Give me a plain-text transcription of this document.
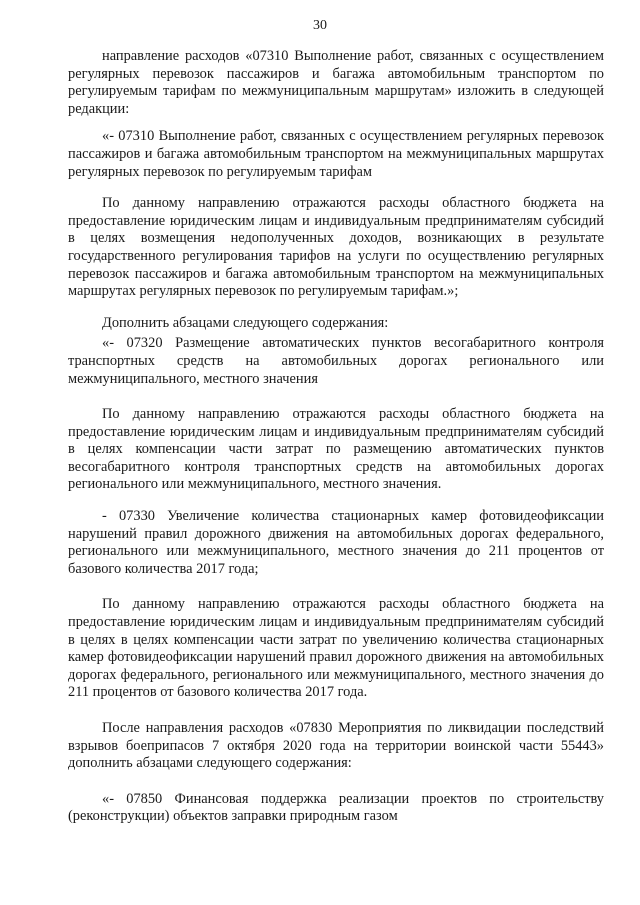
30

направление расходов «07310 Выполнение работ, связанных с осуществлением регулярных перевозок пассажиров и багажа автомобильным транспортом по регулируемым тарифам по межмуниципальным маршрутам» изложить в следующей редакции:

«- 07310 Выполнение работ, связанных с осуществлением регулярных перевозок пассажиров и багажа автомобильным транспортом на межмуниципальных маршрутах регулярных перевозок по регулируемым тарифам

По данному направлению отражаются расходы областного бюджета на предоставление юридическим лицам и индивидуальным предпринимателям субсидий в целях возмещения недополученных доходов, возникающих в результате государственного регулирования тарифов на услуги по осуществлению регулярных перевозок пассажиров и багажа автомобильным транспортом на межмуниципальных маршрутах регулярных перевозок по регулируемым тарифам.»;

Дополнить абзацами следующего содержания:

«- 07320 Размещение автоматических пунктов весогабаритного контроля транспортных средств на автомобильных дорогах регионального или межмуниципального, местного значения

По данному направлению отражаются расходы областного бюджета на предоставление юридическим лицам и индивидуальным предпринимателям субсидий в целях компенсации части затрат по размещению автоматических пунктов весогабаритного контроля транспортных средств на автомобильных дорогах регионального или межмуниципального, местного значения.

- 07330 Увеличение количества стационарных камер фотовидеофиксации нарушений правил дорожного движения на автомобильных дорогах федерального, регионального или межмуниципального, местного значения до 211 процентов от базового количества 2017 года;

По данному направлению отражаются расходы областного бюджета на предоставление юридическим лицам и индивидуальным предпринимателям субсидий в целях в целях компенсации части затрат по увеличению количества стационарных камер фотовидеофиксации нарушений правил дорожного движения на автомобильных дорогах федерального, регионального или межмуниципального, местного значения до 211 процентов от базового количества 2017 года.

После направления расходов «07830 Мероприятия по ликвидации последствий взрывов боеприпасов 7 октября 2020 года на территории воинской части 55443» дополнить абзацами следующего содержания:

«- 07850 Финансовая поддержка реализации проектов по строительству (реконструкции) объектов заправки природным газом
